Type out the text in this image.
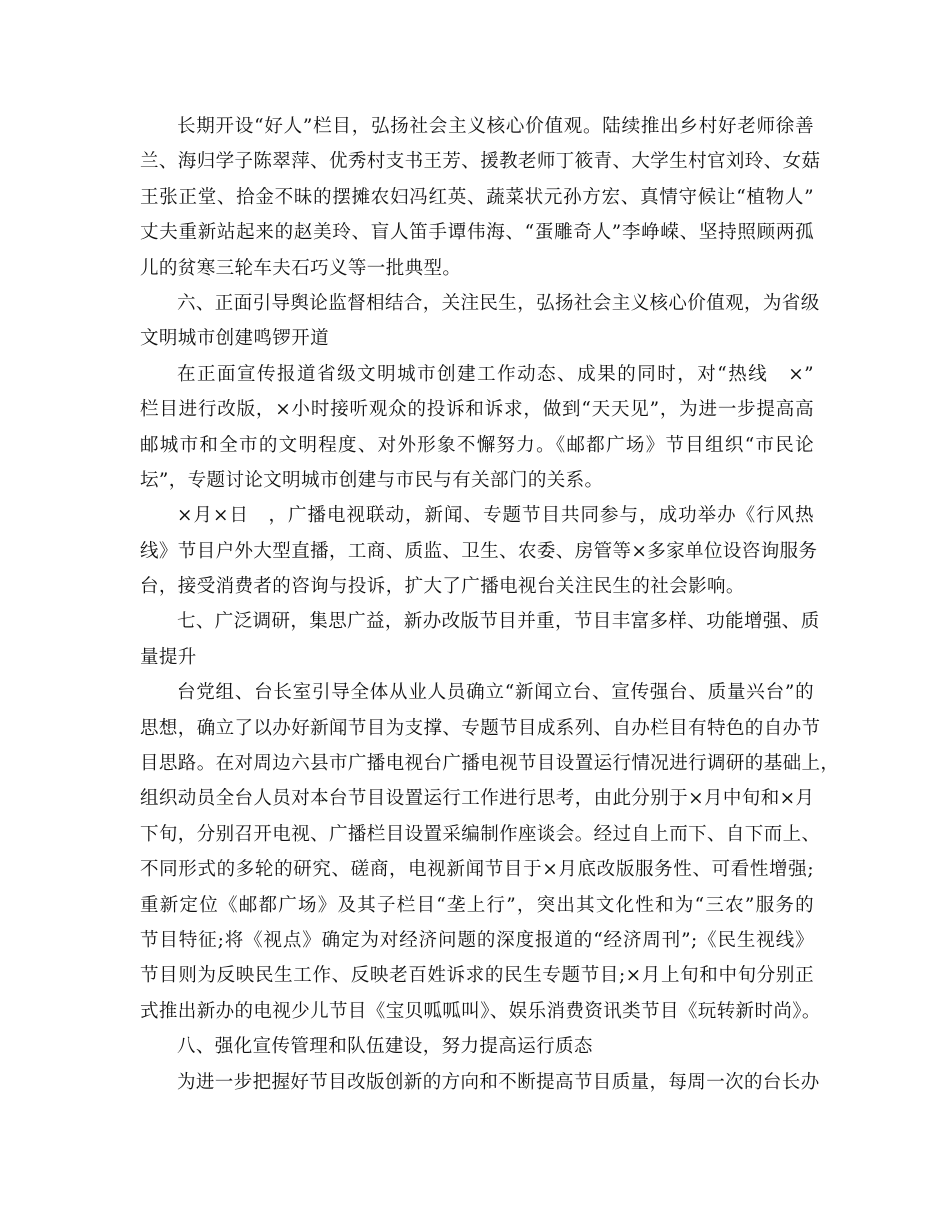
长期开设“好人”栏目，弘扬社会主义核心价值观。陆续推出乡村好老师徐善

兰、海归学子陈翠萍、优秀村支书王芳、援教老师丁筱青、大学生村官刘玲、女菇

王张正堂、拾金不昧的摆摊农妇冯红英、蔬菜状元孙方宏、真情守候让“植物人”

丈夫重新站起来的赵美玲、盲人笛手谭伟海、“蛋雕奇人”李峥嵘、坚持照顾两孤

儿的贫寒三轮车夫石巧义等一批典型。

六、正面引导舆论监督相结合，关注民生，弘扬社会主义核心价值观，为省级

文明城市创建鸣锣开道

在正面宣传报道省级文明城市创建工作动态、成果的同时，对“热线　×”

栏目进行改版，×小时接听观众的投诉和诉求，做到“天天见”，为进一步提高高

邮城市和全市的文明程度、对外形象不懈努力。《邮都广场》节目组织“市民论

坛”，专题讨论文明城市创建与市民与有关部门的关系。

×月×日　，广播电视联动，新闻、专题节目共同参与，成功举办《行风热

线》节目户外大型直播，工商、质监、卫生、农委、房管等×多家单位设咨询服务

台，接受消费者的咨询与投诉，扩大了广播电视台关注民生的社会影响。

七、广泛调研，集思广益，新办改版节目并重，节目丰富多样、功能增强、质

量提升

台党组、台长室引导全体从业人员确立“新闻立台、宣传强台、质量兴台”的

思想，确立了以办好新闻节目为支撑、专题节目成系列、自办栏目有特色的自办节

目思路。在对周边六县市广播电视台广播电视节目设置运行情况进行调研的基础上，

组织动员全台人员对本台节目设置运行工作进行思考，由此分别于×月中旬和×月

下旬，分别召开电视、广播栏目设置采编制作座谈会。经过自上而下、自下而上、

不同形式的多轮的研究、磋商，电视新闻节目于×月底改版服务性、可看性增强;

重新定位《邮都广场》及其子栏目“垄上行”，突出其文化性和为“三农”服务的

节目特征;将《视点》确定为对经济问题的深度报道的“经济周刊”;《民生视线》

节目则为反映民生工作、反映老百姓诉求的民生专题节目;×月上旬和中旬分别正

式推出新办的电视少儿节目《宝贝呱呱叫》、娱乐消费资讯类节目《玩转新时尚》。

八、强化宣传管理和队伍建设，努力提高运行质态

为进一步把握好节目改版创新的方向和不断提高节目质量，每周一次的台长办
